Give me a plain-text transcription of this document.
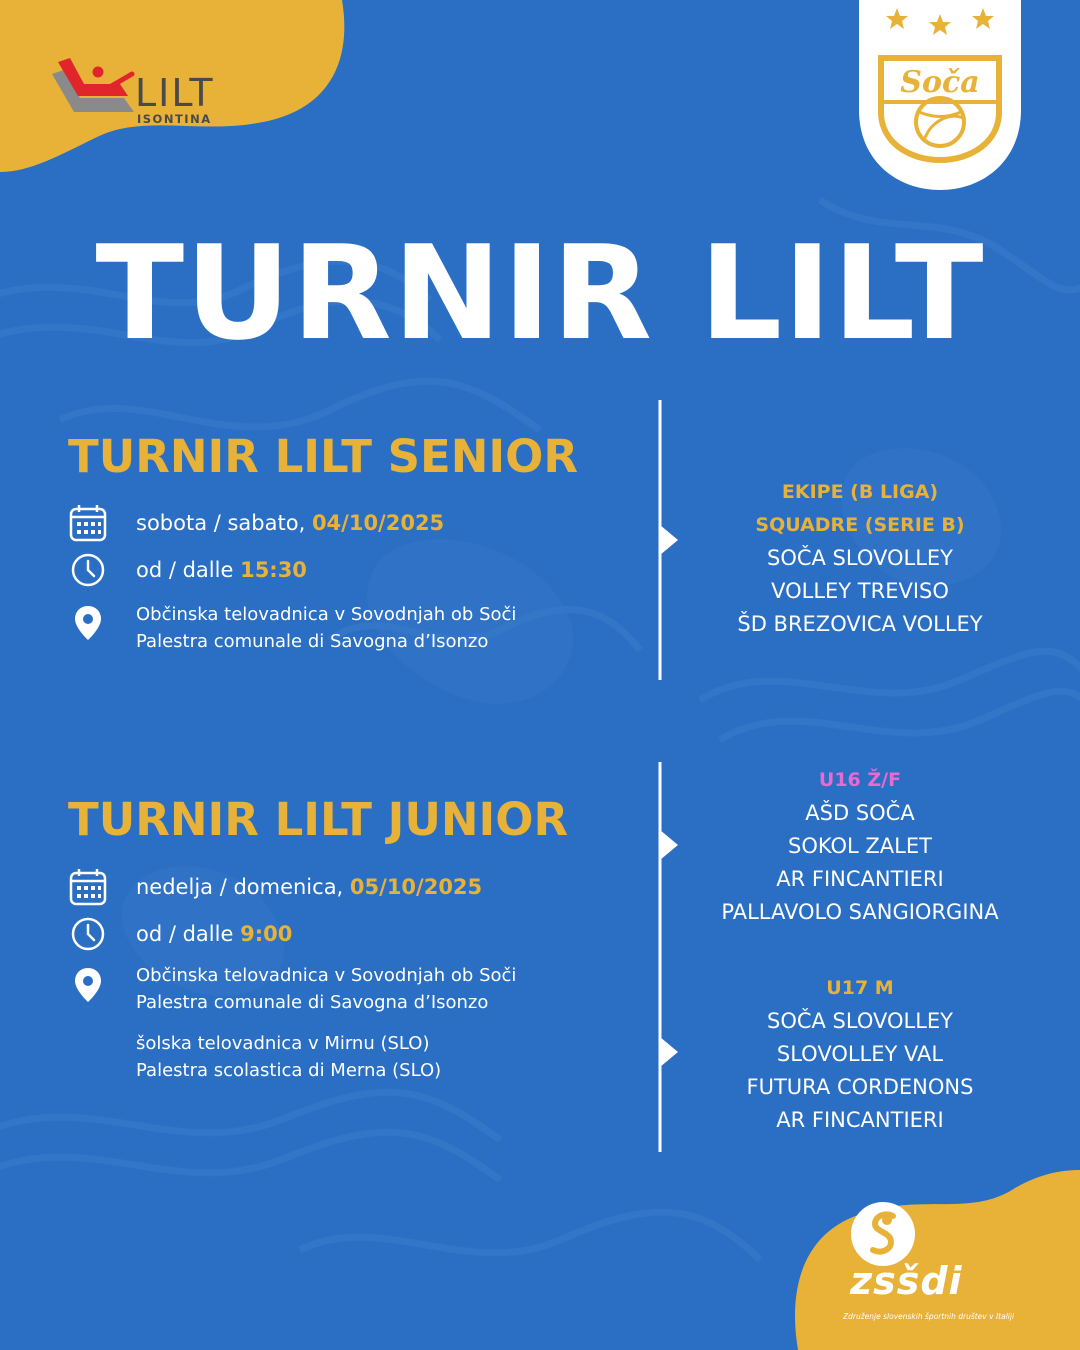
LILT
ISONTINA
Soča
TURNIR LILT
TURNIR LILT SENIOR
sobota / sabato, 04/10/2025
od / dalle 15:30
Občinska telovadnica v Sovodnjah ob Soči
Palestra comunale di Savogna d’Isonzo
EKIPE (B LIGA)
SQUADRE (SERIE B)
SOČA SLOVOLLEY
VOLLEY TREVISO
ŠD BREZOVICA VOLLEY
TURNIR LILT JUNIOR
nedelja / domenica, 05/10/2025
od / dalle 9:00
Občinska telovadnica v Sovodnjah ob Soči
Palestra comunale di Savogna d’Isonzo
šolska telovadnica v Mirnu (SLO)
Palestra scolastica di Merna (SLO)
U16 Ž/F
AŠD SOČA
SOKOL ZALET
AR FINCANTIERI
PALLAVOLO SANGIORGINA
U17 M
SOČA SLOVOLLEY
SLOVOLLEY VAL
FUTURA CORDENONS
AR FINCANTIERI
zsšdi
Združenje slovenskih športnih društev v Italiji
